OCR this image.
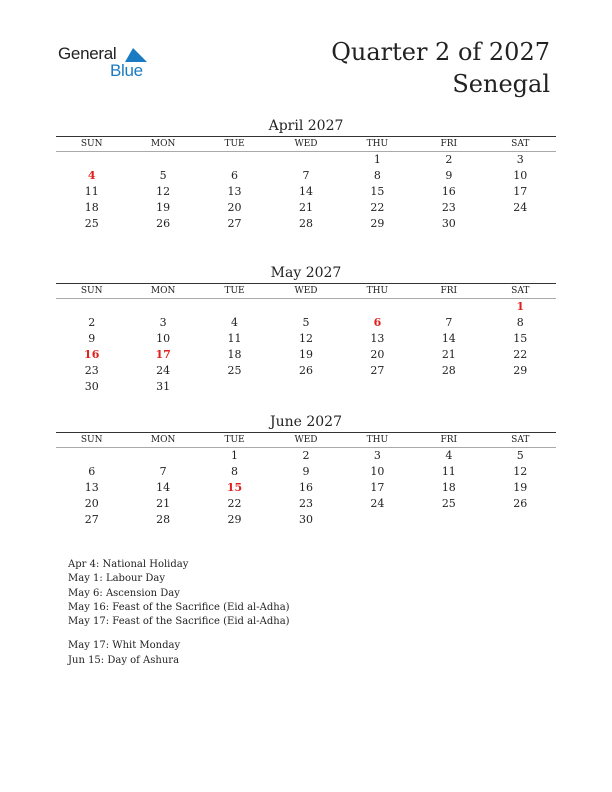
General
Blue
Quarter 2 of 2027
Senegal
April 2027
SUN	MON	TUE	WED	THU	FRI	SAT
				1	2	3
4	5	6	7	8	9	10
11	12	13	14	15	16	17
18	19	20	21	22	23	24
25	26	27	28	29	30	
May 2027
SUN	MON	TUE	WED	THU	FRI	SAT
						1
2	3	4	5	6	7	8
9	10	11	12	13	14	15
16	17	18	19	20	21	22
23	24	25	26	27	28	29
30	31					
June 2027
SUN	MON	TUE	WED	THU	FRI	SAT
		1	2	3	4	5
6	7	8	9	10	11	12
13	14	15	16	17	18	19
20	21	22	23	24	25	26
27	28	29	30			
Apr 4: National Holiday
May 1: Labour Day
May 6: Ascension Day
May 16: Feast of the Sacrifice (Eid al-Adha)
May 17: Feast of the Sacrifice (Eid al-Adha)
May 17: Whit Monday
Jun 15: Day of Ashura
